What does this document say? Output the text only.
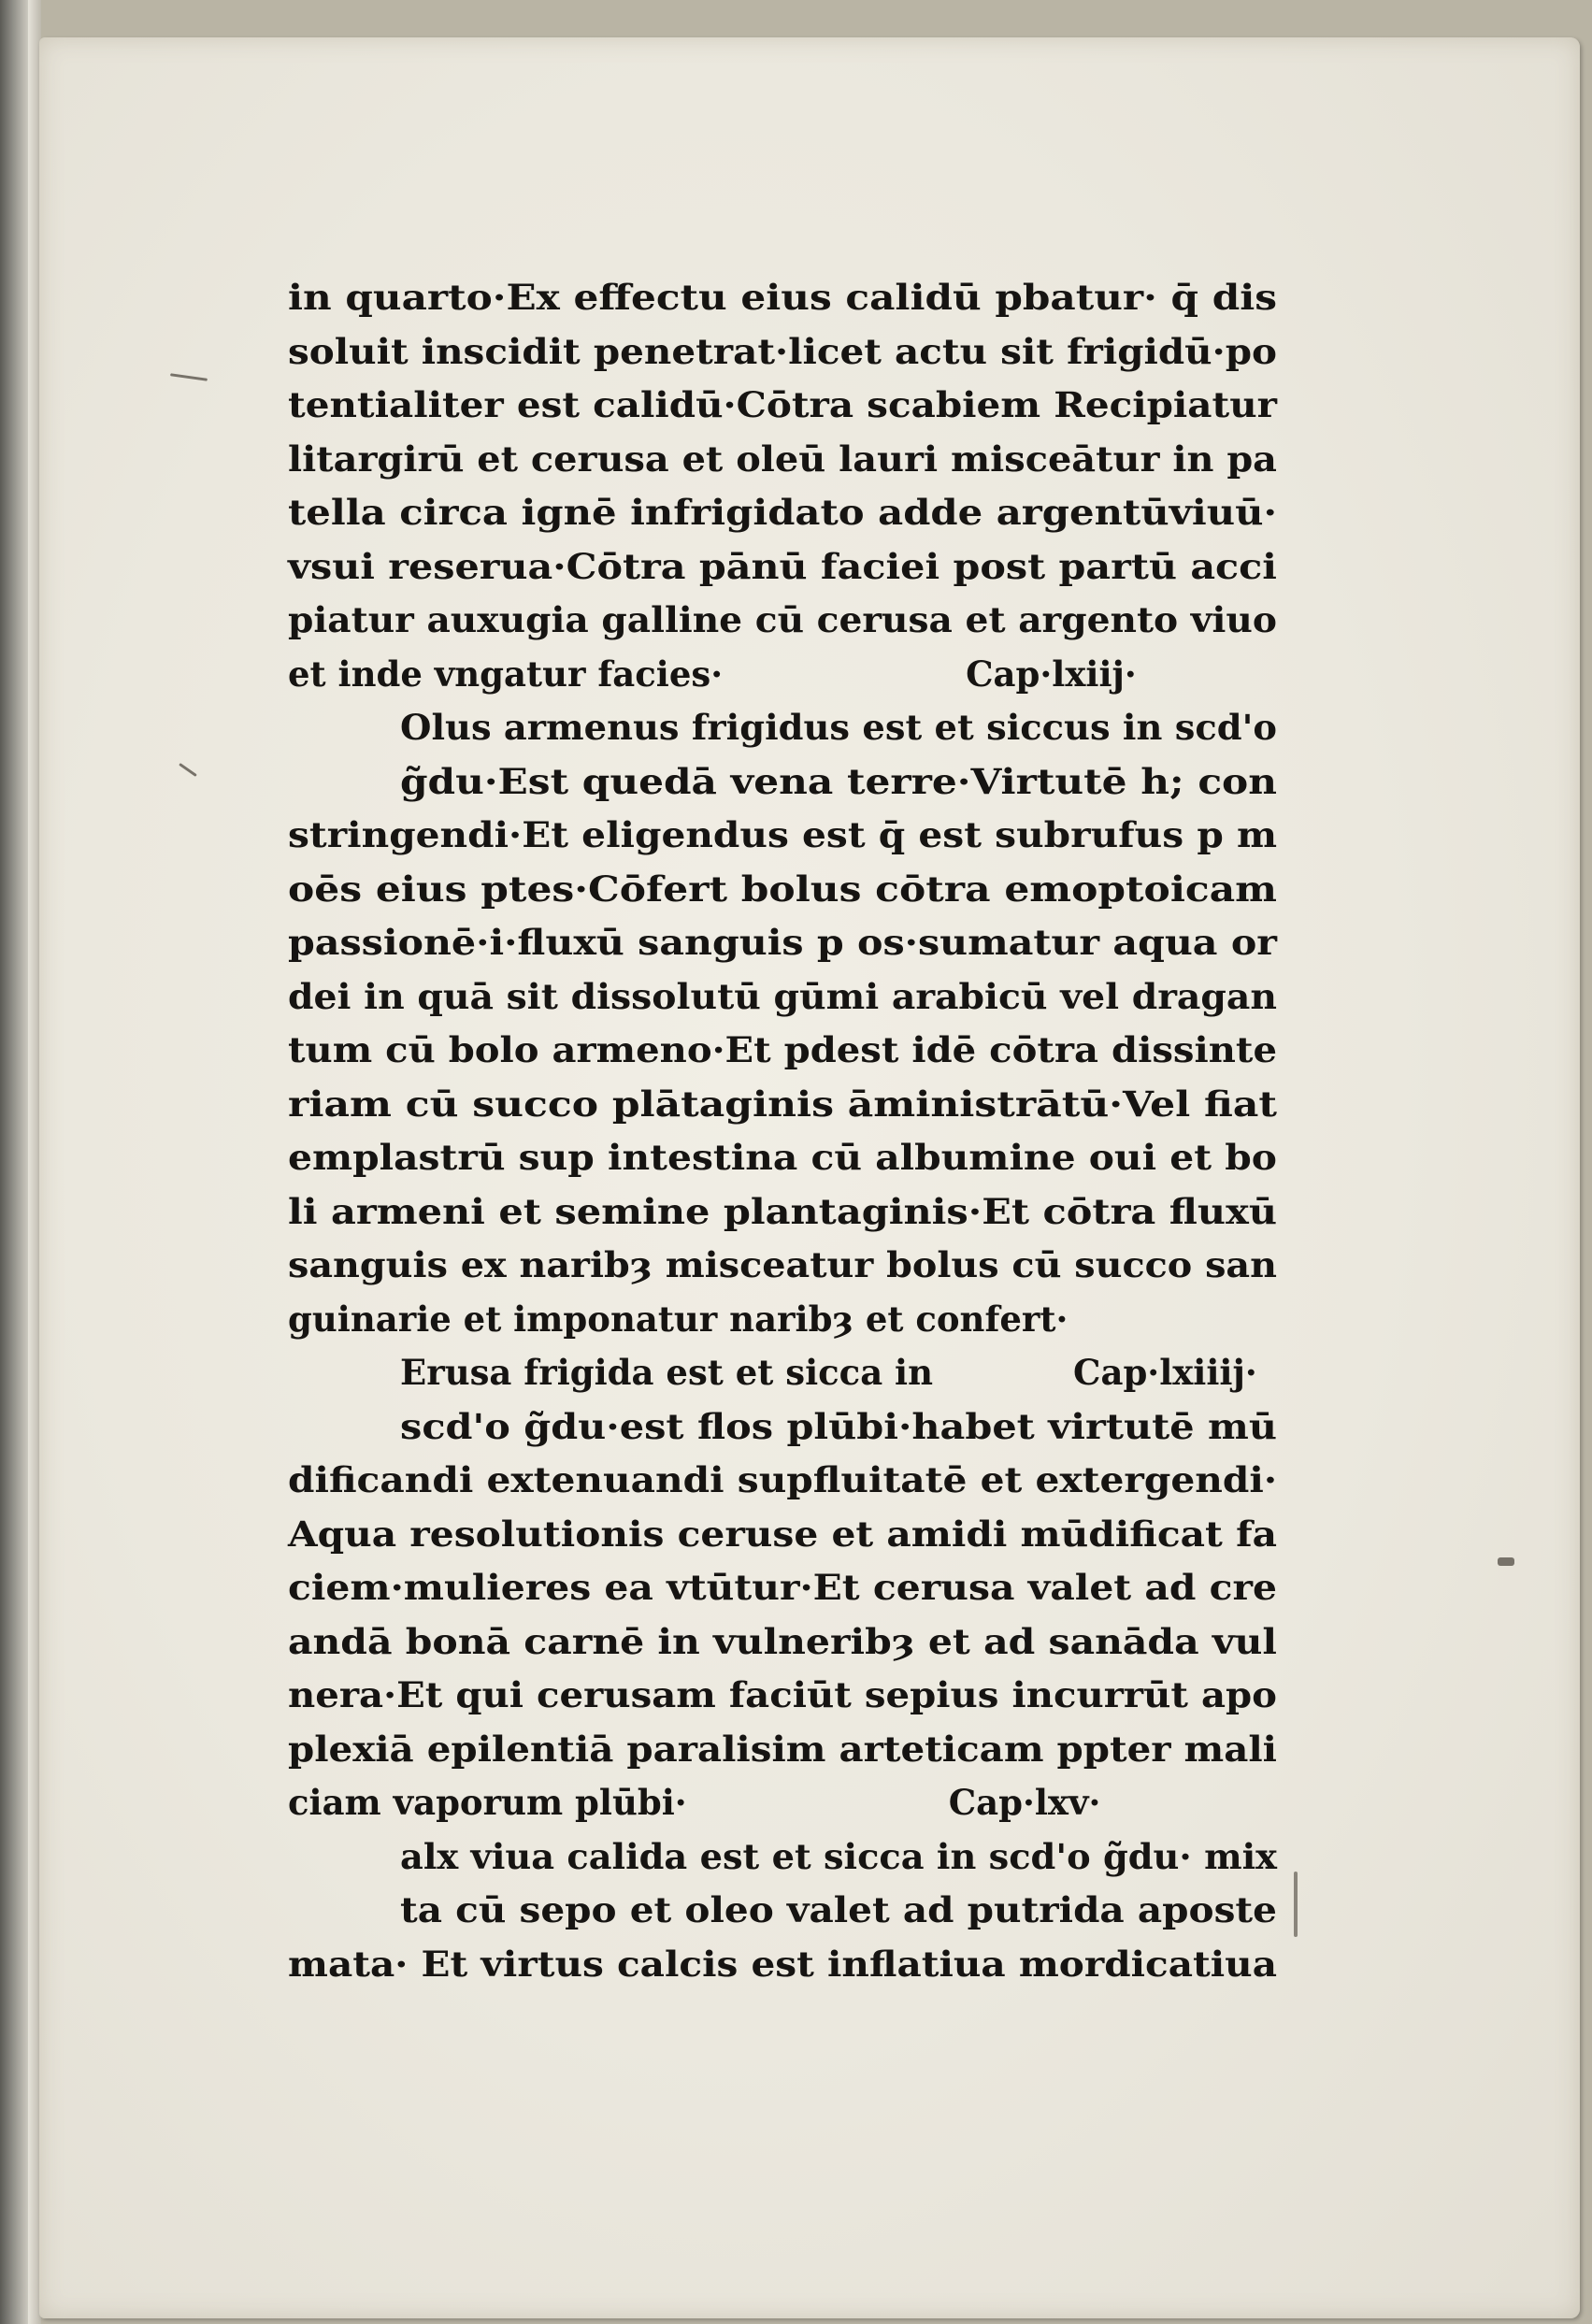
in quarto·Ex effectu eius calidū pbatur· q̄ dis
soluit inscidit penetrat·licet actu sit frigidū·po
tentialiter est calidū·Cōtra scabiem Recipiatur
litargirū et cerusa et oleū lauri misceātur in pa
tella circa ignē infrigidato adde argentūviuū·
vsui reserua·Cōtra pānū faciei post partū acci
piatur auxugia galline cū cerusa et argento viuo
et inde vngatur facies·	Cap·lxiij·
Olus armenus frigidus est et siccus in scd'o
g̃du·Est quedā vena terre·Virtutē h; con
stringendi·Et eligendus est q̄ est subrufus p m
oēs eius ptes·Cōfert bolus cōtra emoptoicam
passionē·i·fluxū sanguis p os·sumatur aqua or
dei in quā sit dissolutū gūmi arabicū vel dragan
tum cū bolo armeno·Et pdest idē cōtra dissinte
riam cū succo plātaginis āministrātū·Vel fiat
emplastrū sup intestina cū albumine oui et bo
li armeni et semine plantaginis·Et cōtra fluxū
sanguis ex naribȝ misceatur bolus cū succo san
guinarie et imponatur naribȝ et confert·
Erusa frigida est et sicca in	Cap·lxiiij·
scd'o g̃du·est flos plūbi·habet virtutē mū
dificandi extenuandi supfluitatē et extergendi·
Aqua resolutionis ceruse et amidi mūdificat fa
ciem·mulieres ea vtūtur·Et cerusa valet ad cre
andā bonā carnē in vulneribȝ et ad sanāda vul
nera·Et qui cerusam faciūt sepius incurrūt apo
plexiā epilentiā paralisim arteticam ppter mali
ciam vaporum plūbi·	Cap·lxv·
alx viua calida est et sicca in scd'o g̃du· mix
ta cū sepo et oleo valet ad putrida aposte
mata· Et virtus calcis est inflatiua mordicatiua
